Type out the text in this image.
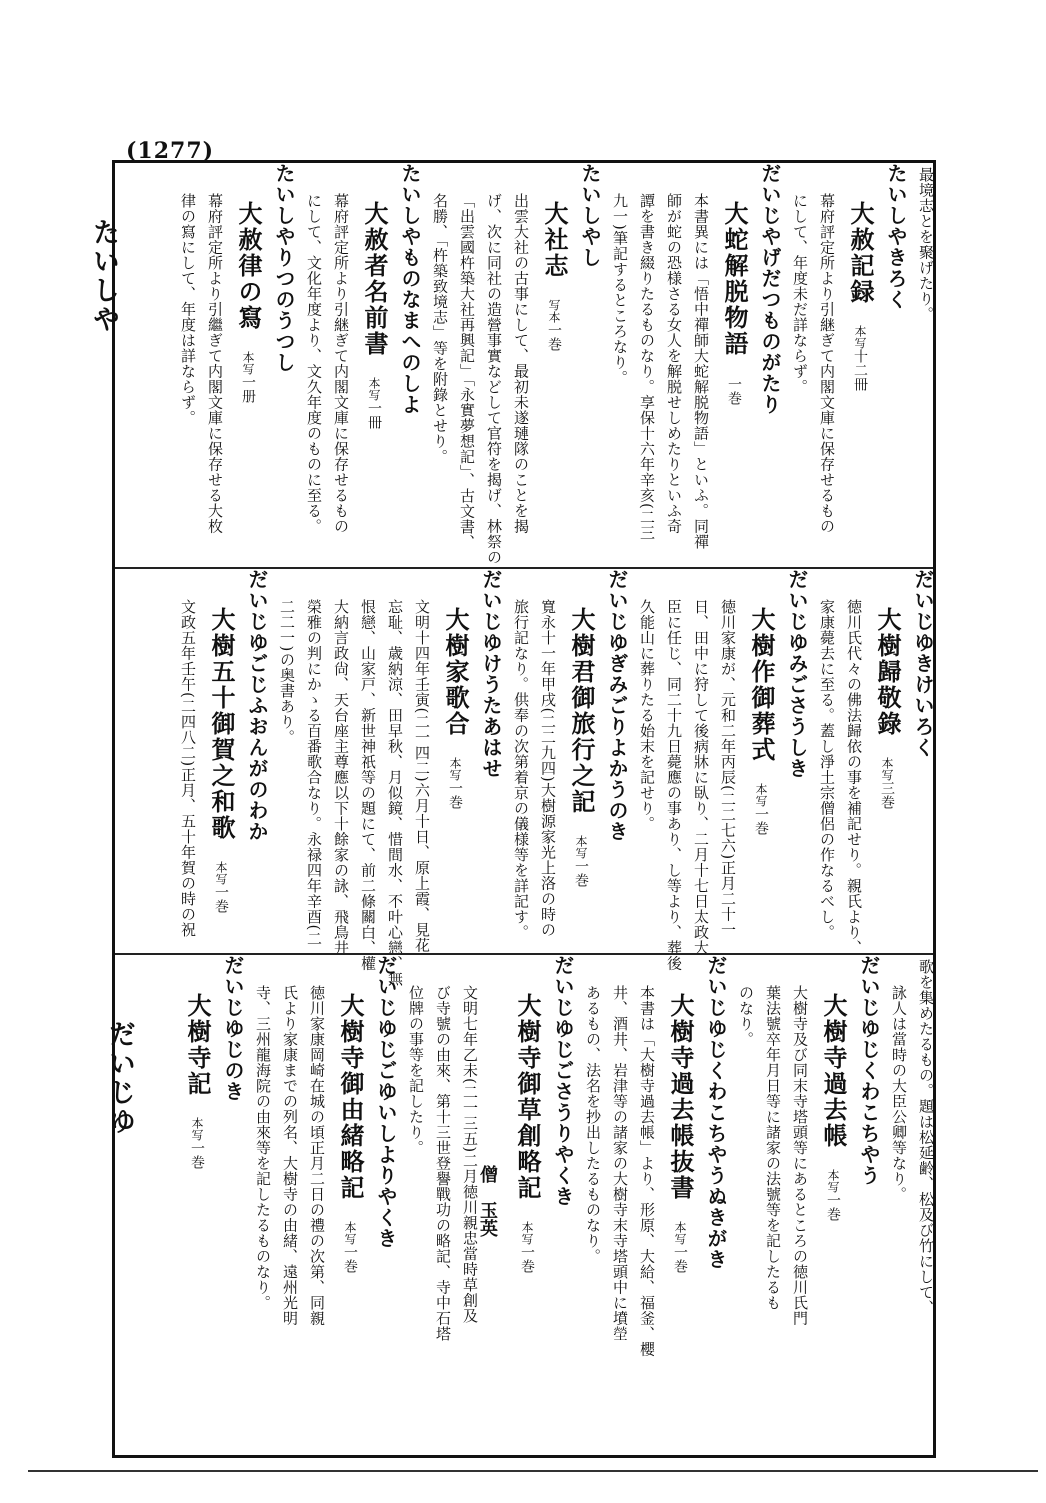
(1277)
たいしや
だいじゆ
最境志とを聚げたり。
たいしやきろく
大赦記録本写十二冊
幕府評定所より引継ぎて内閣文庫に保存せるもの
にして、年度未だ詳ならず。
だいじやげだつものがたり
大蛇解脱物語一巻
本書異には「悟中禪師大蛇解脱物語」といふ。同禪
師が蛇の恐様さる女人を解脱せしめたりといふ奇
譚を書き綴りたるものなり。享保十六年辛亥(二三
九一)筆記するところなり。
たいしやし
大社志写本一巻
出雲大社の古事にして、最初未遂璉隊のことを揭
げ、次に同社の造營事實などして官符を揭げ、林祭の
「出雲國杵築大社再興記」「永實夢想記」、古文書、
名勝、「杵築致境志」等を附錄とせり。
たいしやものなまへのしよ
大赦者名前書本写一冊
幕府評定所より引継ぎて内閣文庫に保存せるもの
にして、文化年度より、文久年度のものに至る。
たいしやりつのうつし
大赦律の寫本写一册
幕府評定所より引繼ぎて内閣文庫に保存せる大枚
律の寫にして、年度は詳ならず。
だいじゆきけいろく
大樹歸敬錄本写三巻
徳川氏代々の佛法歸依の事を補記せり。親氏より、
家康薨去に至る。蓋し淨土宗僧侶の作なるべし。
だいじゆみごさうしき
大樹作御葬式本写一巻
徳川家康が、元和二年丙辰(二二七六)正月二十一
日、田中に狩して後病牀に臥り、二月十七日太政大
臣に任じ、同二十九日薨應の事あり、し等より、葬後
久能山に葬りたる始末を記せり。
だいじゆぎみごりよかうのき
大樹君御旅行之記本写一巻
寬永十一年甲戌(二二九四)大樹源家光上洛の時の
旅行記なり。供奉の次第着京の儀様等を詳記す。
だいじゆけうたあはせ
大樹家歌合本写一巻
文明十四年壬寅(二一四二)六月十日、原上霞、見花
忘耻、歳納涼、田早秋、月似鏡、惜間水、不叶心戀、無
恨戀、山家戸、新世神祇等の題にて、前二條關白、權
大納言政尙、天台座主尊應以下十餘家の詠、飛鳥井
榮雅の判にかゝる百番歌合なり。永禄四年辛酉(二
二二一)の奥書あり。
だいじゆごじふおんがのわか
大樹五十御賀之和歌本写一巻
文政五年壬午(二四八二)正月、五十年賀の時の祝
歌を集めたるもの。題は松延齢、松及び竹にして、
詠人は當時の大臣公卿等なり。
だいじゆじくわこちやう
大樹寺過去帳本写一巻
大樹寺及び同末寺塔頭等にあるところの徳川氏門
葉法號卒年月日等に諸家の法號等を記したるも
のなり。
だいじゆじくわこちやうぬきがき
大樹寺過去帳抜書本写一巻
本書は「大樹寺過去帳」より、形原、大給、福釜、櫻
井、酒井、岩津等の諸家の大樹寺末寺塔頭中に墳塋
あるもの、法名を抄出したるものなり。
だいじゆじごさうりやくき
大樹寺御草創略記本写一巻
僧　玉英
文明七年乙未(二一三五)二月徳川親忠當時草創及
び寺號の由來、第十三世登譽戰功の略記、寺中石塔
位牌の事等を記したり。
だいじゆじごゆいしよりやくき
大樹寺御由緒略記本写一巻
徳川家康岡崎在城の頃正月二日の禮の次第、同親
氏より家康までの列名、大樹寺の由緒、遠州光明
寺、三州龍海院の由來等を記したるものなり。
だいじゆじのき
大樹寺記本写一巻
